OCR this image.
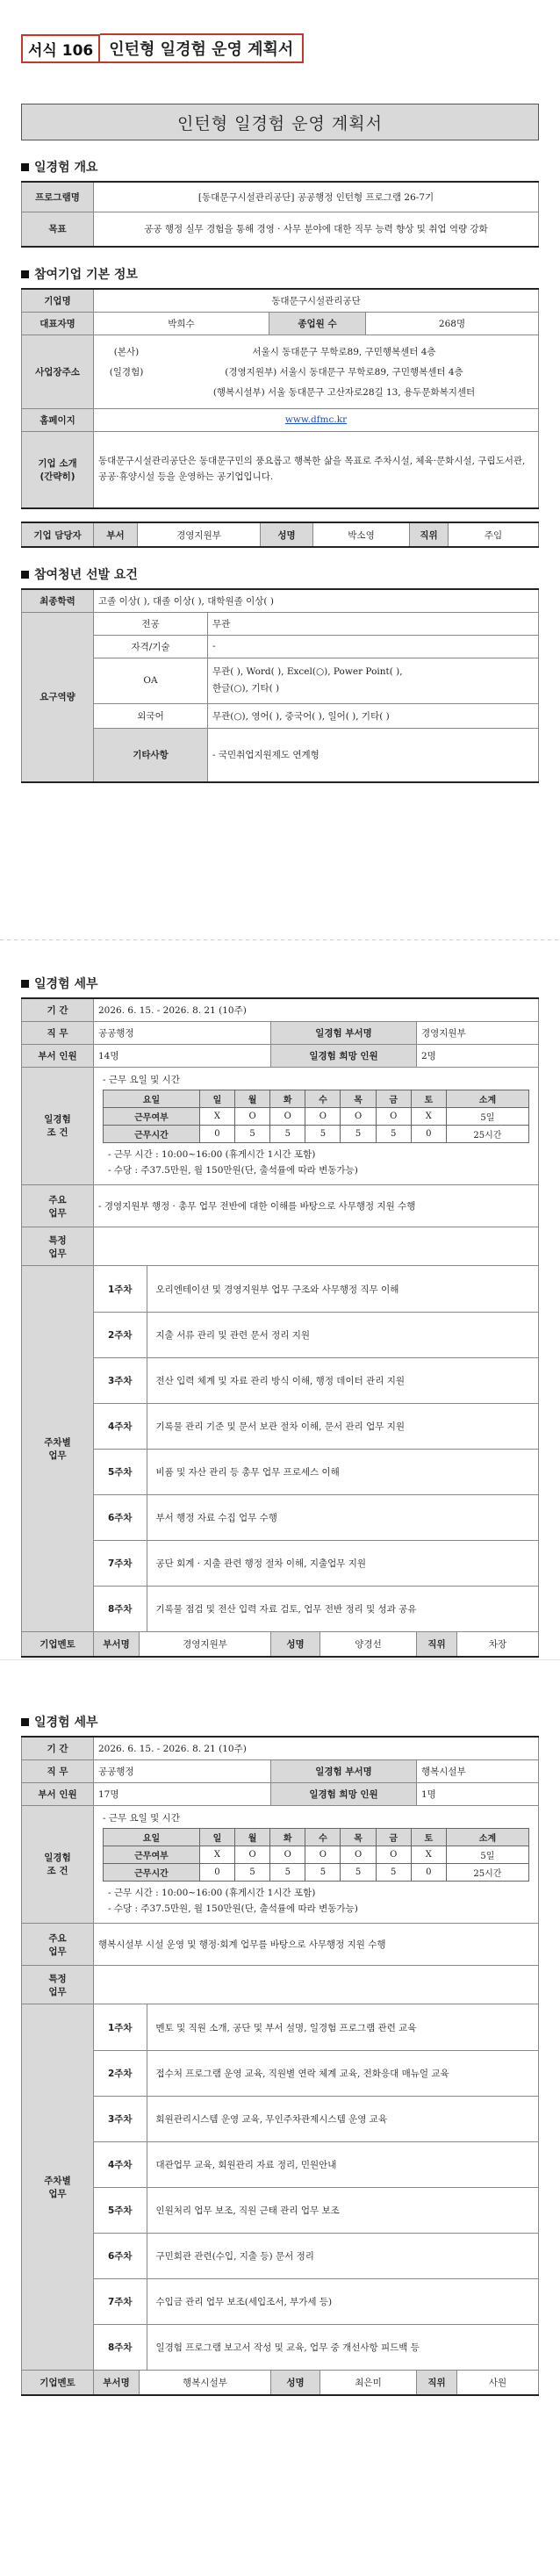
서식 106	인턴형 일경험 운영 계획서
인턴형 일경험 운영 계획서
일경험 개요
프로그램명	[동대문구시설관리공단] 공공행정 인턴형 프로그램 26-7기
목표	공공 행정 실무 경험을 통해 경영 · 사무 분야에 대한 직무 능력 향상 및 취업 역량 강화
참여기업 기본 정보
기업명	동대문구시설관리공단		
대표자명	박희수	종업원 수	268명
사업장주소	(본사) 서울시 동대문구 무학로89, 구민행복센터 4층
(일경험) (경영지원부) 서울시 동대문구 무학로89, 구민행복센터 4층
(행복시설부) 서울 동대문구 고산자로28길 13, 용두문화복지센터		

홈페이지	www.dfmc.kr		

기업 소개
(간략히)	동대문구시설관리공단은 동대문구민의 풍요롭고 행복한 삶을 목표로 주차시설, 체육·문화시설, 구립도서관, 공공·휴양시설 등을 운영하는 공기업입니다.		
기업 담당자	부서	경영지원부	성명	박소영	직위	주임
참여청년 선발 요건
최종학력	고졸 이상( ), 대졸 이상( ), 대학원졸 이상( )	
요구역량	전공	무관
	자격/기술	-
	OA	무관( ), Word( ), Excel(○), Power Point( ),
한글(○), 기타( )

	외국어	무관(○), 영어( ), 중국어( ), 일어( ), 기타( )
	기타사항	- 국민취업지원제도 연계형
일경험 세부
기 간	2026. 6. 15. - 2026. 8. 21 (10주)
직 무	공공행정	일경험 부서명	경영지원부
부서 인원	14명	일경험 희망 인원	2명

일경험
조 건

- 근무 요일 및 시간
요일	일	월	화	수	목	금	토	소계
근무여부	X	O	O	O	O	O	X	5일
근무시간	0	5	5	5	5	5	0	25시간
- 근무 시간 : 10:00~16:00 (휴게시간 1시간 포함)
- 수당 : 주37.5만원, 월 150만원(단, 출석률에 따라 변동가능)

주요
업무
	- 경영지원부 행정 · 총무 업무 전반에 대한 이해를 바탕으로 사무행정 지원 수행

특정
업무

주차별
업무

1주차	오리엔테이션 및 경영지원부 업무 구조와 사무행정 직무 이해
2주차	지출 서류 관리 및 관련 문서 정리 지원
3주차	전산 입력 체계 및 자료 관리 방식 이해, 행정 데이터 관리 지원
4주차	기록물 관리 기준 및 문서 보관 절차 이해, 문서 관리 업무 지원
5주차	비품 및 자산 관리 등 총무 업무 프로세스 이해
6주차	부서 행정 자료 수집 업무 수행
7주차	공단 회계 · 지출 관련 행정 절차 이해, 지출업무 지원
8주차	기록물 점검 및 전산 입력 자료 검토, 업무 전반 정리 및 성과 공유

기업멘토	부서명	경영지원부	성명	양경선	직위	차장
일경험 세부
기 간	2026. 6. 15. - 2026. 8. 21 (10주)
직 무	공공행정	일경험 부서명	행복시설부
부서 인원	17명	일경험 희망 인원	1명

일경험
조 건

- 근무 요일 및 시간
요일	일	월	화	수	목	금	토	소계
근무여부	X	O	O	O	O	O	X	5일
근무시간	0	5	5	5	5	5	0	25시간
- 근무 시간 : 10:00~16:00 (휴게시간 1시간 포함)
- 수당 : 주37.5만원, 월 150만원(단, 출석률에 따라 변동가능)

주요
업무
	행복시설부 시설 운영 및 행정·회계 업무를 바탕으로 사무행정 지원 수행

특정
업무

주차별
업무

1주차	멘토 및 직원 소개, 공단 및 부서 설명, 일경험 프로그램 관련 교육
2주차	접수처 프로그램 운영 교육, 직원별 연락 체계 교육, 전화응대 매뉴얼 교육
3주차	회원관리시스템 운영 교육, 무인주차관제시스템 운영 교육
4주차	대관업무 교육, 회원관리 자료 정리, 민원안내
5주차	인원처리 업무 보조, 직원 근태 관리 업무 보조
6주차	구민회관 관련(수입, 지출 등) 문서 정리
7주차	수입금 관리 업무 보조(세입조서, 부가세 등)
8주차	일경험 프로그램 보고서 작성 및 교육, 업무 중 개선사항 피드백 등

기업멘토	부서명	행복시설부	성명	최은미	직위	사원
